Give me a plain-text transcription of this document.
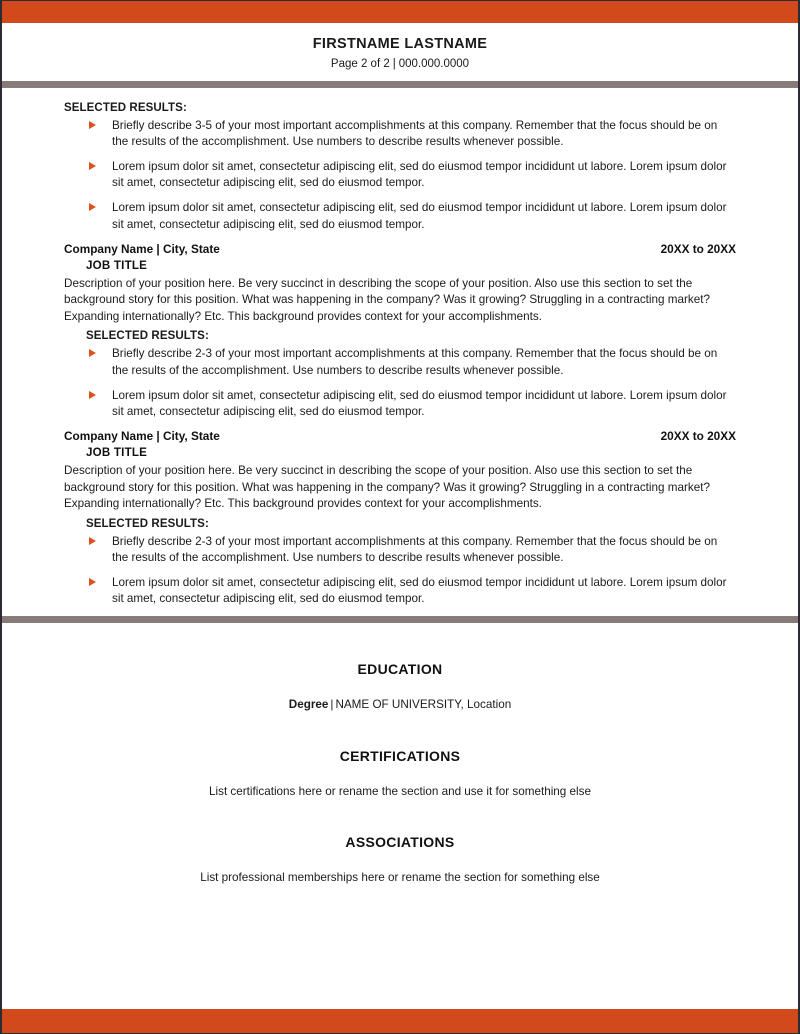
FIRSTNAME LASTNAME
Page 2 of 2 | 000.000.0000
SELECTED RESULTS:
Briefly describe 3-5 of your most important accomplishments at this company. Remember that the focus should be on the results of the accomplishment. Use numbers to describe results whenever possible.
Lorem ipsum dolor sit amet, consectetur adipiscing elit, sed do eiusmod tempor incididunt ut labore. Lorem ipsum dolor sit amet, consectetur adipiscing elit, sed do eiusmod tempor.
Lorem ipsum dolor sit amet, consectetur adipiscing elit, sed do eiusmod tempor incididunt ut labore. Lorem ipsum dolor sit amet, consectetur adipiscing elit, sed do eiusmod tempor.
Company Name | City, State	20XX to 20XX
JOB TITLE
Description of your position here. Be very succinct in describing the scope of your position. Also use this section to set the background story for this position. What was happening in the company? Was it growing? Struggling in a contracting market? Expanding internationally? Etc. This background provides context for your accomplishments.
SELECTED RESULTS:
Briefly describe 2-3 of your most important accomplishments at this company. Remember that the focus should be on the results of the accomplishment. Use numbers to describe results whenever possible.
Lorem ipsum dolor sit amet, consectetur adipiscing elit, sed do eiusmod tempor incididunt ut labore. Lorem ipsum dolor sit amet, consectetur adipiscing elit, sed do eiusmod tempor.
Company Name | City, State	20XX to 20XX
JOB TITLE
Description of your position here. Be very succinct in describing the scope of your position. Also use this section to set the background story for this position. What was happening in the company? Was it growing? Struggling in a contracting market? Expanding internationally? Etc. This background provides context for your accomplishments.
SELECTED RESULTS:
Briefly describe 2-3 of your most important accomplishments at this company. Remember that the focus should be on the results of the accomplishment. Use numbers to describe results whenever possible.
Lorem ipsum dolor sit amet, consectetur adipiscing elit, sed do eiusmod tempor incididunt ut labore. Lorem ipsum dolor sit amet, consectetur adipiscing elit, sed do eiusmod tempor.
EDUCATION
Degree | NAME OF UNIVERSITY, Location
CERTIFICATIONS
List certifications here or rename the section and use it for something else
ASSOCIATIONS
List professional memberships here or rename the section for something else
